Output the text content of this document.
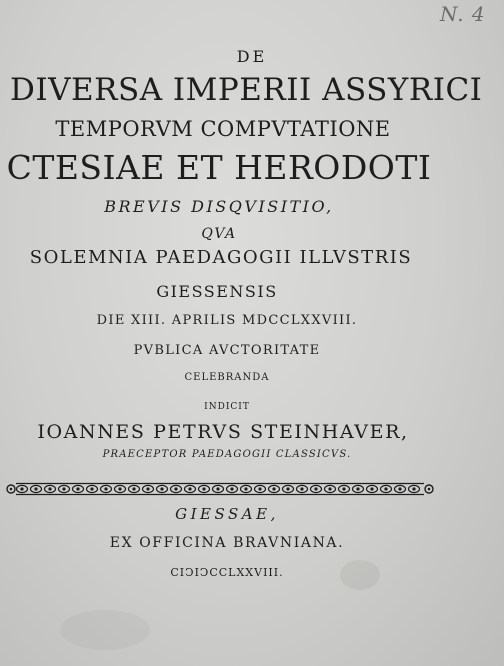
N. 4
DE
DIVERSA IMPERII ASSYRICI
TEMPORVM COMPVTATIONE
CTESIAE ET HERODOTI
BREVIS DISQVISITIO,
QVA
SOLEMNIA PAEDAGOGII ILLVSTRIS
GIESSENSIS
DIE XIII. APRILIS MDCCLXXVIII.
PVBLICA AVCTORITATE
CELEBRANDA
INDICIT
IOANNES PETRVS STEINHAVER,
PRAECEPTOR PAEDAGOGII CLASSICVS.
GIESSAE,
EX OFFICINA BRAVNIANA.
CIↃIↃCCLXXVIII.
